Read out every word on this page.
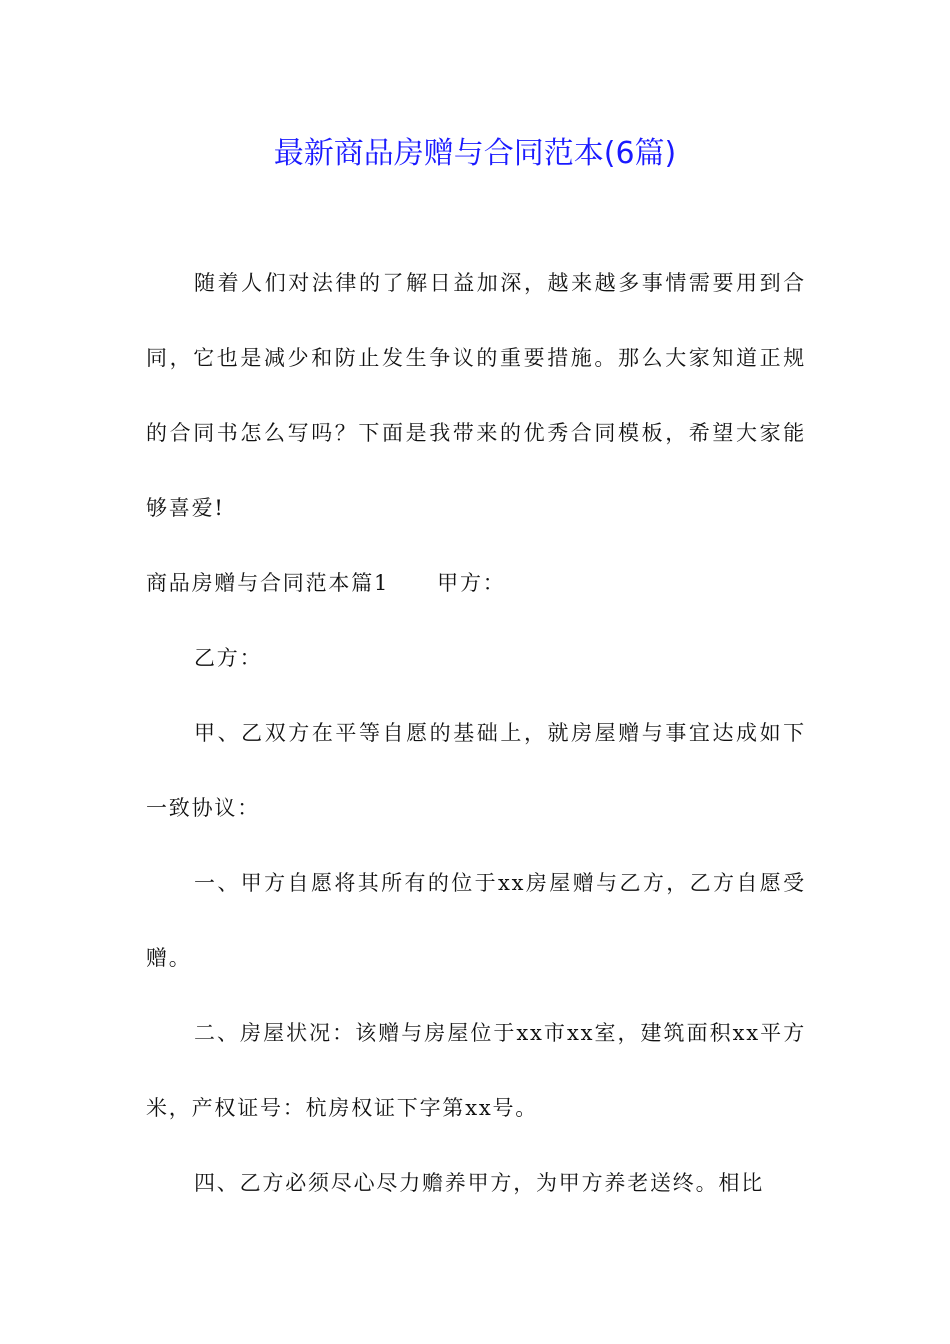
最新商品房赠与合同范本(6篇)

随着人们对法律的了解日益加深，越来越多事情需要用到合同，它也是减少和防止发生争议的重要措施。那么大家知道正规的合同书怎么写吗？下面是我带来的优秀合同模板，希望大家能够喜爱!

商品房赠与合同范本篇1 甲方：

乙方：

甲、乙双方在平等自愿的基础上，就房屋赠与事宜达成如下一致协议：

一、甲方自愿将其所有的位于xx房屋赠与乙方，乙方自愿受赠。

二、房屋状况：该赠与房屋位于xx市xx室，建筑面积xx平方米，产权证号：杭房权证下字第xx号。

四、乙方必须尽心尽力赡养甲方，为甲方养老送终。相比
